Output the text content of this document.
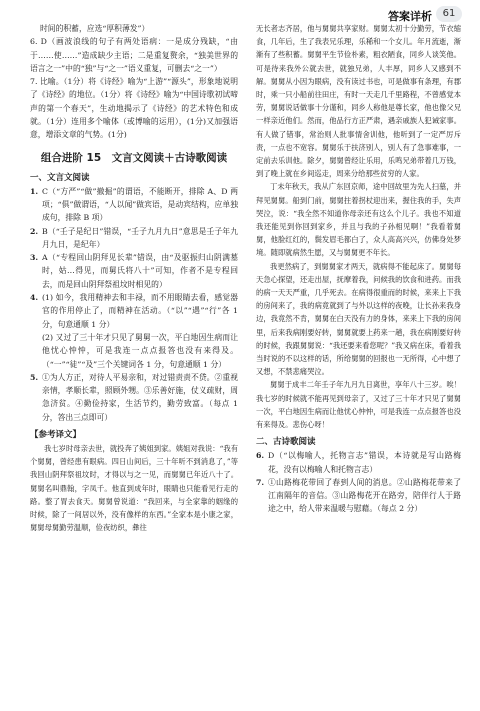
答案详析	61

时间的积蓄，应选“厚积薄发”）

6. D（画波浪线的句子有两处语病：一是成分残缺，“由于……使……”造成缺少主语；二是重复赘余，“独美世界的语言之一”中的“独”与“之一”语义重复，可删去“之一”）
7. 比喻。（1分）将《诗经》喻为“上游”“源头”，形象地说明了《诗经》的地位。（1分）将《诗经》喻为“中国诗歌初试啼声的第一个春天”，生动地揭示了《诗经》的艺术特色和成就。（1分）连用多个喻体（或博喻的运用），(1分)又加强语意，增添文章的气势。(1分)
组合进阶 15　文言文阅读＋古诗歌阅读
一、文言文阅读
1. C（“方严”“做”撤掘”的谓语，不能断开，排除 A、D 两项；“俱”做谓语，“人以闻”做宾语，是动宾结构，应单独成句，排除 B 项）
2. B（“壬子是纪日”错误，“壬子九月九日”意思是壬子年九月九日，是纪年）
3. A（“专程回山阴拜见长辈”错误，由“及驱振归山阴满墓时，姑…得见，而舅氏将八十”可知，作者不是专程回去，而是回山阴拜祭祖坟时相见的）
4. (1) 如今，我用精神去和丰禄，而不用眼睛去看，感觉器官的作用停止了，而精神在活动。（“以”“遇”“行”各 1 分，句意通顺 1 分）
(2) 又过了三十年才只见了舅舅一次，平白地因生病而让他忧心忡忡，可是我连一点点报答也没有来得及。（“一”“徒”“及”三个关键词各 1 分，句意通顺 1 分）
5. ①为人方正，对待人平易亲和，对过错责责不贷。②重视亲情，孝顺长辈，照顾外甥。③乐善好施，仗义疏财，周急济贫。④勤俭持家，生活节约，勤劳致富。（每点 1 分，答出三点即可）
【参考译文】

我七岁时母亲去世，就投奔了姨姐到家。姨姐对我说：“我有个舅舅，曾经患有眼病。四日山间后，三十年听不到消息了，”等我回山阴拜祭祖坟时，才得以与之一见，而舅舅已年近八十了。舅舅名叫鼎翰，字凤千。他直到成年时，眼睛也只能看见行走的路。整了胃去食天。舅舅曾说道：“我回来，与全家靠的姻缘的时候，除了一间居以外，没有像样的东西。”全家本是小康之家，舅舅母舅勤劳温顺，俭夜纺织，彝往

无长者志齐居，他与舅舅共享家财。舅舅太初十分勤劳，节衣缩食，几年后，生了我表兄乐理，乐稀和一个女儿。年月流逝，渐渐有了些积蓄。舅舅平生节俭朴素，粗衣陋食，同乡人谈笑他。可是待来我外公就去世，就独兄弟，人丰厚，同乡人又感到不解。舅舅从小因为眼病，没有读过书也，可是做事有条理，有郡时，乘一只小船前往田庄，有时一天走几千里路程，不曾感觉本劳，舅舅说话做事十分谨和，同乡人称他是尊长家，他也像父兄一样亲近他们。然而，他品行方正严肃，遇亲戚族人犯诫家事。有人做了错事，常治则人批事情舍训他，他听到了一定严厉斥责，一点也不宽容。舅舅乐于扶济别人，别人有了急事难事，一定前去乐训他。除夕，舅舅曾经让乐用，乐鸣兄弟带着几万钱，到了晚上就在乡间巡走，周来分给那些贫穷的人家。

丁未年秋天，我从广东回京师，途中回故里为先人扫墓，并拜见舅舅。船到门前，舅舅拄着拐杖迎出来，握住我的手，失声哭泣，说：“我全然不知道你母亲还有这么个儿子。我也不知道我还能见到你回到家乡，并且与我的子孙相见啊！”我看着舅舅，他脸红红的，鬓发眉毛都白了，众人高高兴兴，仿佛身处梦境。随即就病然生愿，又与舅舅更不年长。

我更然病了，到舅舅家才两天，就病得不能起床了。舅舅每天急心探望，还走出屋，抚摩着我，问候我的饮食和进药。而我的病一天天严重，几乎死去。在病得很重而的时候，来来上下我的房间来了，我的病竟就到了与外以这样的夜晚，让长孙来我身边，我竟然不肯，舅舅在白天没有力的身体，来来上下我的房间里，后来我病刚要好转，舅舅就要上药来一趟，我在病刚要好转的时候，我跟舅舅说：“我还要来看您呢？”我又病在床，看着我当时说的不以这样的话，所给舅舅的回报也一无所得，心中想了又想，不禁悲痛哭泣。

舅舅于成丰二年壬子年九月九日离世，享年八十三岁。唉！我七岁的时候就不能再见到母亲了，又过了三十年才只见了舅舅一次，平白地因生病而让他忧心忡忡，可是我连一点点报答也没有来得及。悲伤心呀！

二、古诗歌阅读
6. D（“以梅喻人，托物言志”错误，本诗就是写山路梅花，没有以梅喻人和托物言志）
7. ①山路梅花带回了春到人间的消息。②山路梅花带来了江南隔年的音信。③山路梅花开在路旁，陪伴行人于路途之中，给人带来温暖与慰藉。（每点 2 分）
